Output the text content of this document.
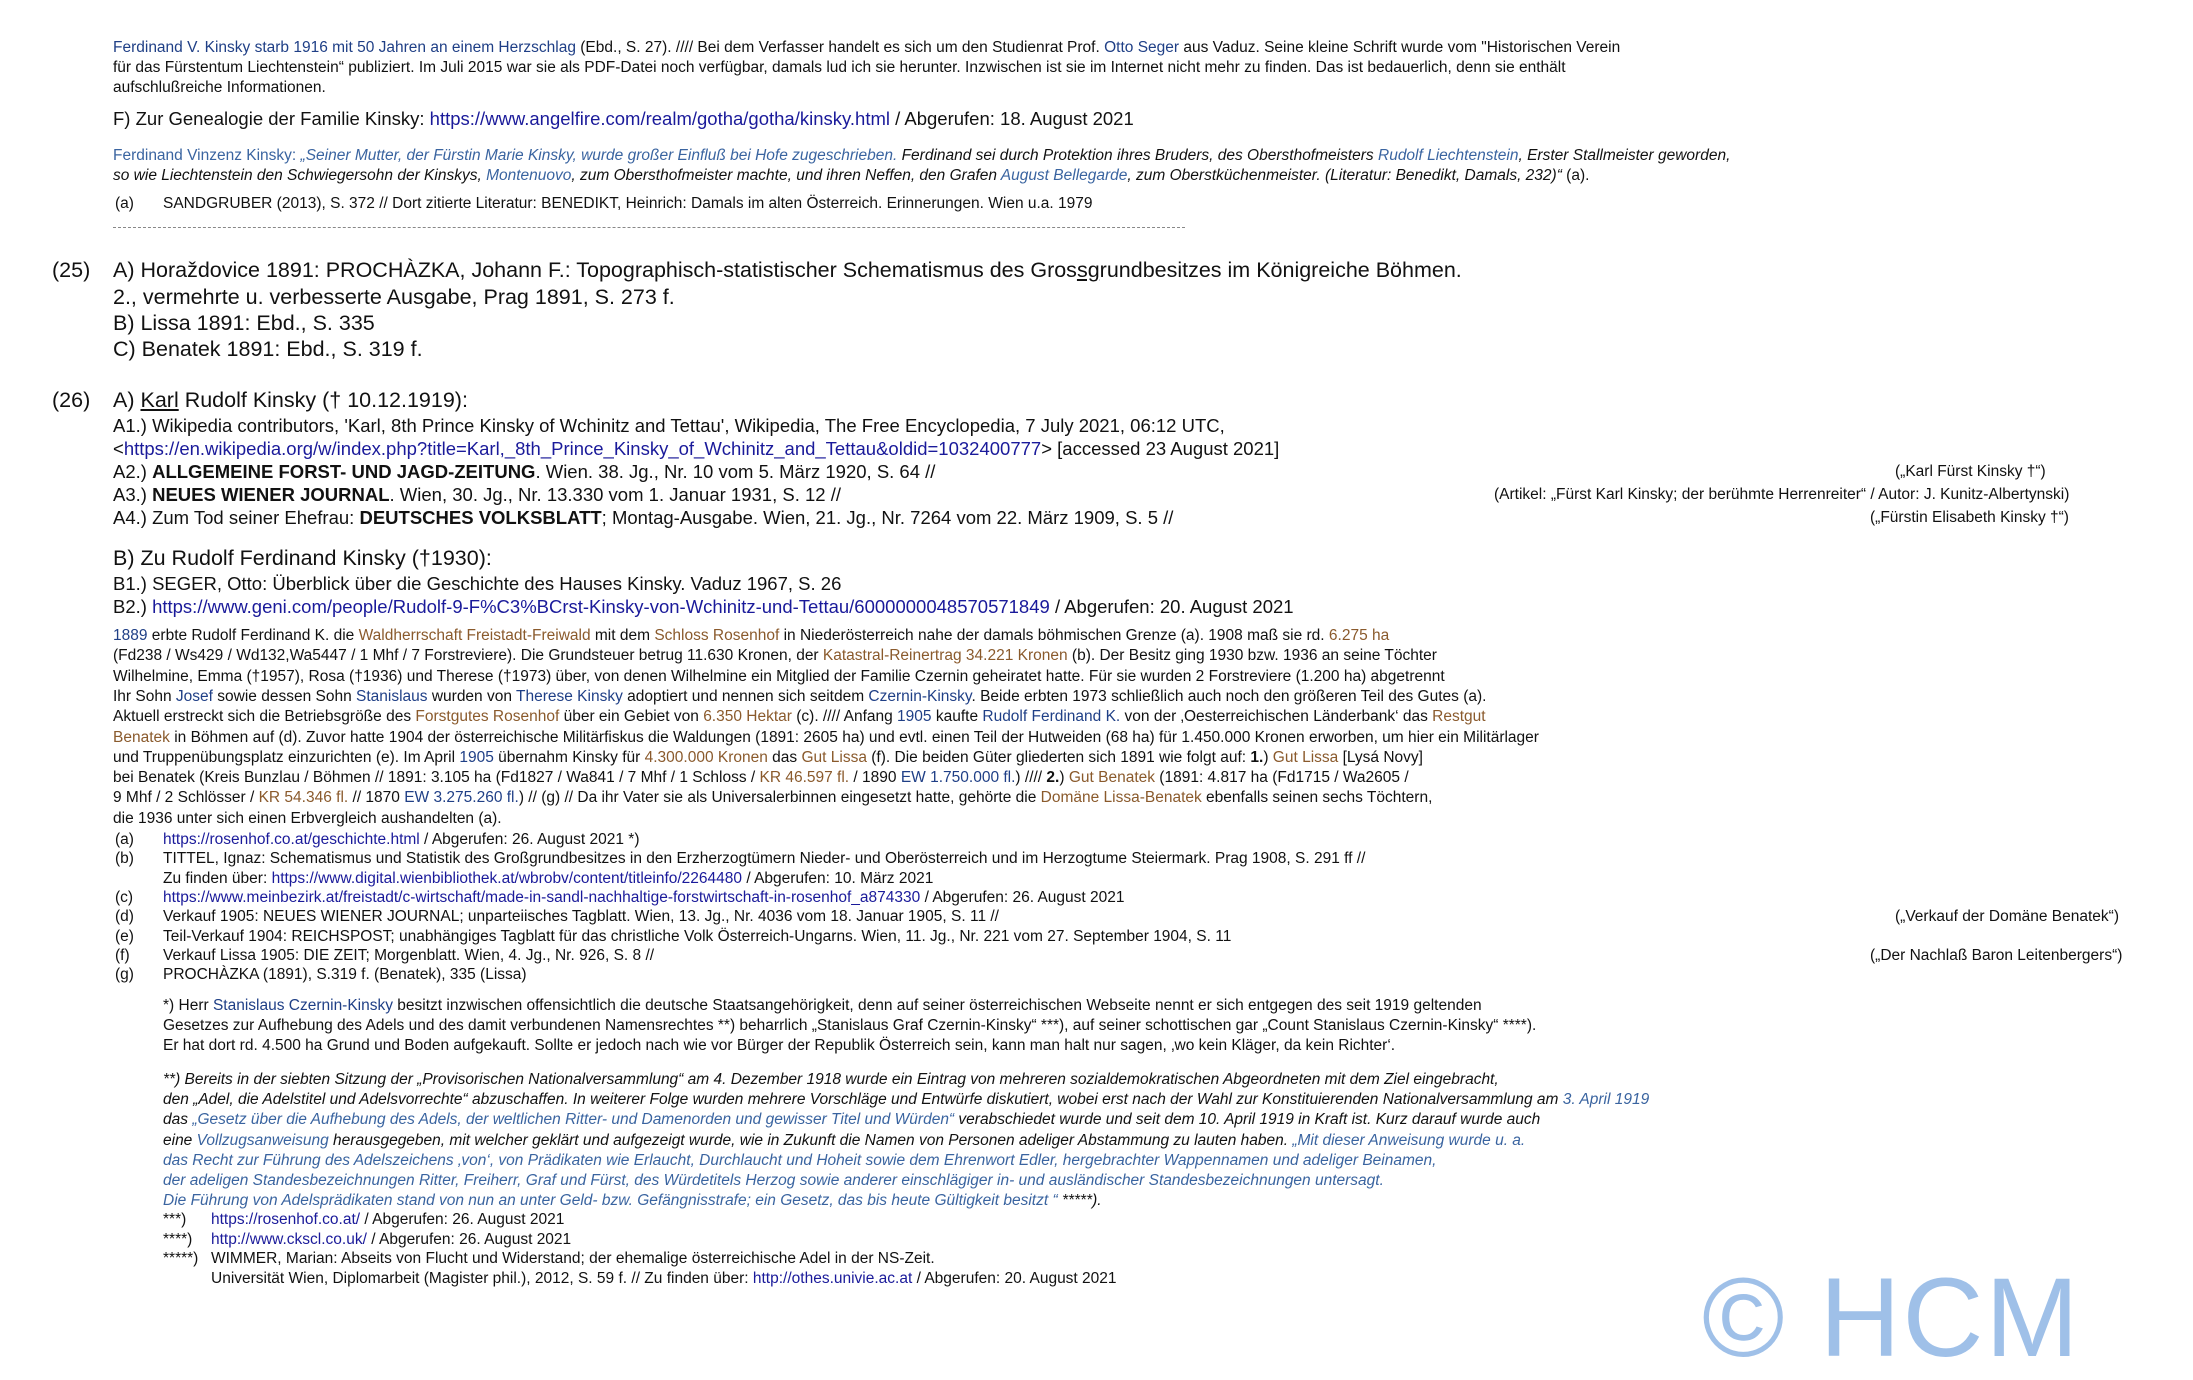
Ferdinand V. Kinsky starb 1916 mit 50 Jahren an einem Herzschlag (Ebd., S. 27). //// Bei dem Verfasser handelt es sich um den Studienrat Prof. Otto Seger aus Vaduz. Seine kleine Schrift wurde vom "Historischen Verein
für das Fürstentum Liechtenstein“ publiziert. Im Juli 2015 war sie als PDF-Datei noch verfügbar, damals lud ich sie herunter. Inzwischen ist sie im Internet nicht mehr zu finden. Das ist bedauerlich, denn sie enthält
aufschlußreiche Informationen.
F) Zur Genealogie der Familie Kinsky: https://www.angelfire.com/realm/gotha/gotha/kinsky.html / Abgerufen: 18. August 2021
Ferdinand Vinzenz Kinsky: „Seiner Mutter, der Fürstin Marie Kinsky, wurde großer Einfluß bei Hofe zugeschrieben. Ferdinand sei durch Protektion ihres Bruders, des Obersthofmeisters Rudolf Liechtenstein, Erster Stallmeister geworden,
so wie Liechtenstein den Schwiegersohn der Kinskys, Montenuovo, zum Obersthofmeister machte, und ihren Neffen, den Grafen August Bellegarde, zum Oberstküchenmeister. (Literatur: Benedikt, Damals, 232)“ (a).
(a) SANDGRUBER (2013), S. 372 // Dort zitierte Literatur: BENEDIKT, Heinrich: Damals im alten Österreich. Erinnerungen. Wien u.a. 1979
(25) A) Horaždovice 1891: PROCHÀZKA, Johann F.: Topographisch-statistischer Schematismus des Grossgrundbesitzes im Königreiche Böhmen.
2., vermehrte u. verbesserte Ausgabe, Prag 1891, S. 273 f.
B) Lissa 1891: Ebd., S. 335
C) Benatek 1891: Ebd., S. 319 f.
(26) A) Karl Rudolf Kinsky († 10.12.1919):
A1.) Wikipedia contributors, 'Karl, 8th Prince Kinsky of Wchinitz and Tettau', Wikipedia, The Free Encyclopedia, 7 July 2021, 06:12 UTC,
<https://en.wikipedia.org/w/index.php?title=Karl,_8th_Prince_Kinsky_of_Wchinitz_and_Tettau&oldid=1032400777> [accessed 23 August 2021]
A2.) ALLGEMEINE FORST- UND JAGD-ZEITUNG. Wien. 38. Jg., Nr. 10 vom 5. März 1920, S. 64 //	(„Karl Fürst Kinsky †“)
A3.) NEUES WIENER JOURNAL. Wien, 30. Jg., Nr. 13.330 vom 1. Januar 1931, S. 12 //	(Artikel: „Fürst Karl Kinsky; der berühmte Herrenreiter“ / Autor: J. Kunitz-Albertynski)
A4.) Zum Tod seiner Ehefrau: DEUTSCHES VOLKSBLATT; Montag-Ausgabe. Wien, 21. Jg., Nr. 7264 vom 22. März 1909, S. 5 //	(„Fürstin Elisabeth Kinsky †“)
B) Zu Rudolf Ferdinand Kinsky (†1930):
B1.) SEGER, Otto: Überblick über die Geschichte des Hauses Kinsky. Vaduz 1967, S. 26
B2.) https://www.geni.com/people/Rudolf-9-F%C3%BCrst-Kinsky-von-Wchinitz-und-Tettau/6000000048570571849 / Abgerufen: 20. August 2021
1889 erbte Rudolf Ferdinand K. die Waldherrschaft Freistadt-Freiwald mit dem Schloss Rosenhof in Niederösterreich nahe der damals böhmischen Grenze (a). 1908 maß sie rd. 6.275 ha
(Fd238 / Ws429 / Wd132,Wa5447 / 1 Mhf / 7 Forstreviere). Die Grundsteuer betrug 11.630 Kronen, der Katastral-Reinertrag 34.221 Kronen (b). Der Besitz ging 1930 bzw. 1936 an seine Töchter
Wilhelmine, Emma (†1957), Rosa (†1936) und Therese (†1973) über, von denen Wilhelmine ein Mitglied der Familie Czernin geheiratet hatte. Für sie wurden 2 Forstreviere (1.200 ha) abgetrennt
Ihr Sohn Josef sowie dessen Sohn Stanislaus wurden von Therese Kinsky adoptiert und nennen sich seitdem Czernin-Kinsky. Beide erbten 1973 schließlich auch noch den größeren Teil des Gutes (a).
Aktuell erstreckt sich die Betriebsgröße des Forstgutes Rosenhof über ein Gebiet von 6.350 Hektar (c). //// Anfang 1905 kaufte Rudolf Ferdinand K. von der ‚Oesterreichischen Länderbank‘ das Restgut
Benatek in Böhmen auf (d). Zuvor hatte 1904 der österreichische Militärfiskus die Waldungen (1891: 2605 ha) und evtl. einen Teil der Hutweiden (68 ha) für 1.450.000 Kronen erworben, um hier ein Militärlager
und Truppenübungsplatz einzurichten (e). Im April 1905 übernahm Kinsky für 4.300.000 Kronen das Gut Lissa (f). Die beiden Güter gliederten sich 1891 wie folgt auf: 1.) Gut Lissa [Lysá Novy]
bei Benatek (Kreis Bunzlau / Böhmen // 1891: 3.105 ha (Fd1827 / Wa841 / 7 Mhf / 1 Schloss / KR 46.597 fl. / 1890 EW 1.750.000 fl.) //// 2.) Gut Benatek (1891: 4.817 ha (Fd1715 / Wa2605 /
9 Mhf / 2 Schlösser / KR 54.346 fl. // 1870 EW 3.275.260 fl.) // (g) // Da ihr Vater sie als Universalerbinnen eingesetzt hatte, gehörte die Domäne Lissa-Benatek ebenfalls seinen sechs Töchtern,
die 1936 unter sich einen Erbvergleich aushandelten (a).
(a) https://rosenhof.co.at/geschichte.html / Abgerufen: 26. August 2021 *)
(b) TITTEL, Ignaz: Schematismus und Statistik des Großgrundbesitzes in den Erzherzogtümern Nieder- und Oberösterreich und im Herzogtume Steiermark. Prag 1908, S. 291 ff //
Zu finden über: https://www.digital.wienbibliothek.at/wbrobv/content/titleinfo/2264480 / Abgerufen: 10. März 2021
(c) https://www.meinbezirk.at/freistadt/c-wirtschaft/made-in-sandl-nachhaltige-forstwirtschaft-in-rosenhof_a874330 / Abgerufen: 26. August 2021
(d) Verkauf 1905: NEUES WIENER JOURNAL; unparteiisches Tagblatt. Wien, 13. Jg., Nr. 4036 vom 18. Januar 1905, S. 11 //	(„Verkauf der Domäne Benatek“)
(e) Teil-Verkauf 1904: REICHSPOST; unabhängiges Tagblatt für das christliche Volk Österreich-Ungarns. Wien, 11. Jg., Nr. 221 vom 27. September 1904, S. 11
(f) Verkauf Lissa 1905: DIE ZEIT; Morgenblatt. Wien, 4. Jg., Nr. 926, S. 8 //	(„Der Nachlaß Baron Leitenbergers“)
(g) PROCHÀZKA (1891), S.319 f. (Benatek), 335 (Lissa)
*) Herr Stanislaus Czernin-Kinsky besitzt inzwischen offensichtlich die deutsche Staatsangehörigkeit, denn auf seiner österreichischen Webseite nennt er sich entgegen des seit 1919 geltenden
Gesetzes zur Aufhebung des Adels und des damit verbundenen Namensrechtes **) beharrlich „Stanislaus Graf Czernin-Kinsky“ ***), auf seiner schottischen gar „Count Stanislaus Czernin-Kinsky“ ****).
Er hat dort rd. 4.500 ha Grund und Boden aufgekauft. Sollte er jedoch nach wie vor Bürger der Republik Österreich sein, kann man halt nur sagen, ‚wo kein Kläger, da kein Richter‘.
**) Bereits in der siebten Sitzung der „Provisorischen Nationalversammlung“ am 4. Dezember 1918 wurde ein Eintrag von mehreren sozialdemokratischen Abgeordneten mit dem Ziel eingebracht,
den „Adel, die Adelstitel und Adelsvorrechte“ abzuschaffen. In weiterer Folge wurden mehrere Vorschläge und Entwürfe diskutiert, wobei erst nach der Wahl zur Konstituierenden Nationalversammlung am 3. April 1919
das „Gesetz über die Aufhebung des Adels, der weltlichen Ritter- und Damenorden und gewisser Titel und Würden“ verabschiedet wurde und seit dem 10. April 1919 in Kraft ist. Kurz darauf wurde auch
eine Vollzugsanweisung herausgegeben, mit welcher geklärt und aufgezeigt wurde, wie in Zukunft die Namen von Personen adeliger Abstammung zu lauten haben. „Mit dieser Anweisung wurde u. a.
das Recht zur Führung des Adelszeichens ‚von‘, von Prädikaten wie Erlaucht, Durchlaucht und Hoheit sowie dem Ehrenwort Edler, hergebrachter Wappennamen und adeliger Beinamen,
der adeligen Standesbezeichnungen Ritter, Freiherr, Graf und Fürst, des Würdetitels Herzog sowie anderer einschlägiger in- und ausländischer Standesbezeichnungen untersagt.
Die Führung von Adelsprädikaten stand von nun an unter Geld- bzw. Gefängnisstrafe; ein Gesetz, das bis heute Gültigkeit besitzt “ *****).
***) https://rosenhof.co.at/ / Abgerufen: 26. August 2021
****) http://www.ckscl.co.uk/ / Abgerufen: 26. August 2021
*****) WIMMER, Marian: Abseits von Flucht und Widerstand; der ehemalige österreichische Adel in der NS-Zeit.
Universität Wien, Diplomarbeit (Magister phil.), 2012, S. 59 f. // Zu finden über: http://othes.univie.ac.at / Abgerufen: 20. August 2021	© HCM
